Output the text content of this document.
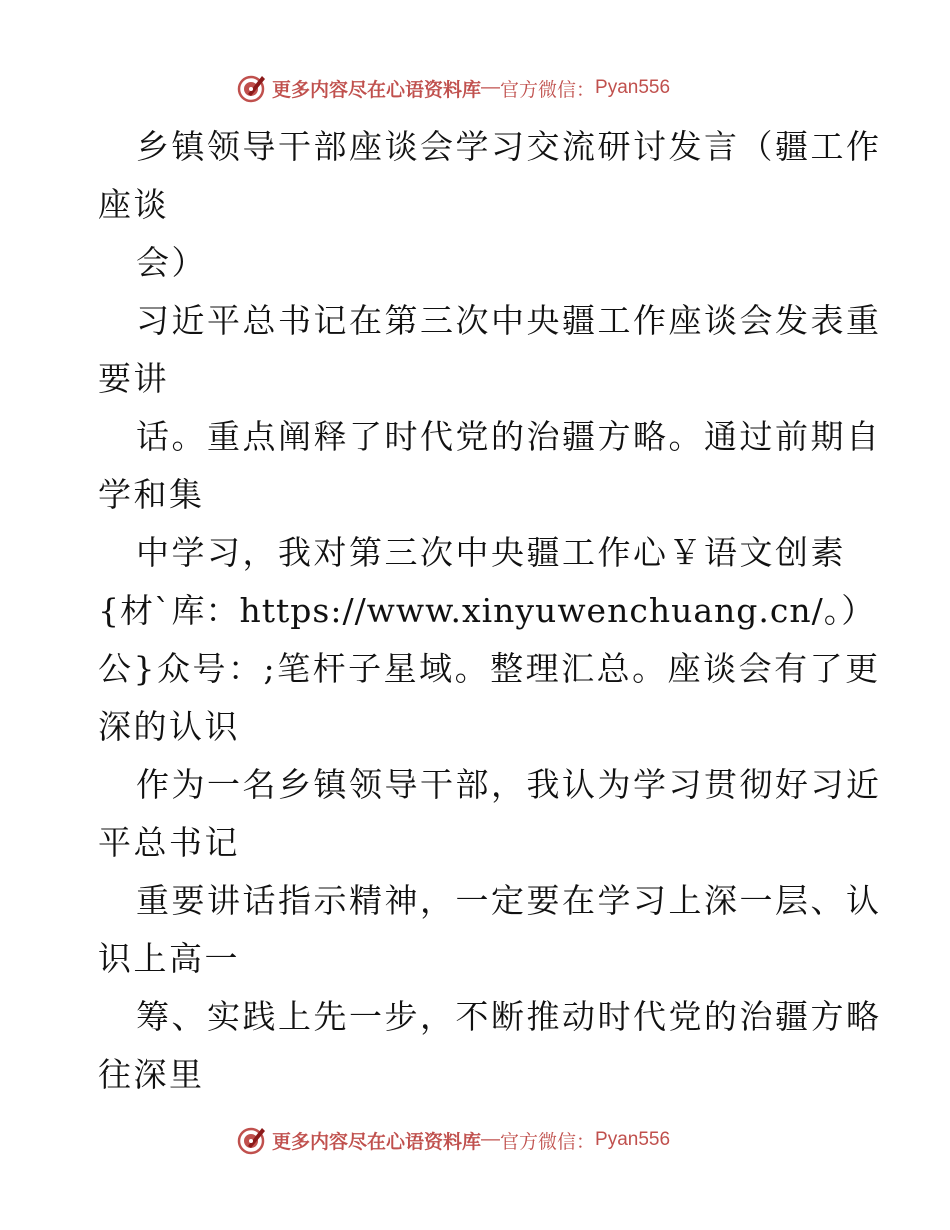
更多内容尽在心语资料库 — 官方微信： Pyan556
乡镇领导干部座谈会学习交流研讨发言（疆工作
座谈
会）
习近平总书记在第三次中央疆工作座谈会发表重
要讲
话。重点阐释了时代党的治疆方略。通过前期自
学和集
中学习，我对第三次中央疆工作心￥语文创素
{材`库：https://www.xinyuwenchuang.cn/。）
公}众号：;笔杆子星域。整理汇总。座谈会有了更
深的认识
作为一名乡镇领导干部，我认为学习贯彻好习近
平总书记
重要讲话指示精神，一定要在学习上深一层、认
识上高一
筹、实践上先一步，不断推动时代党的治疆方略
往深里
更多内容尽在心语资料库 — 官方微信： Pyan556
